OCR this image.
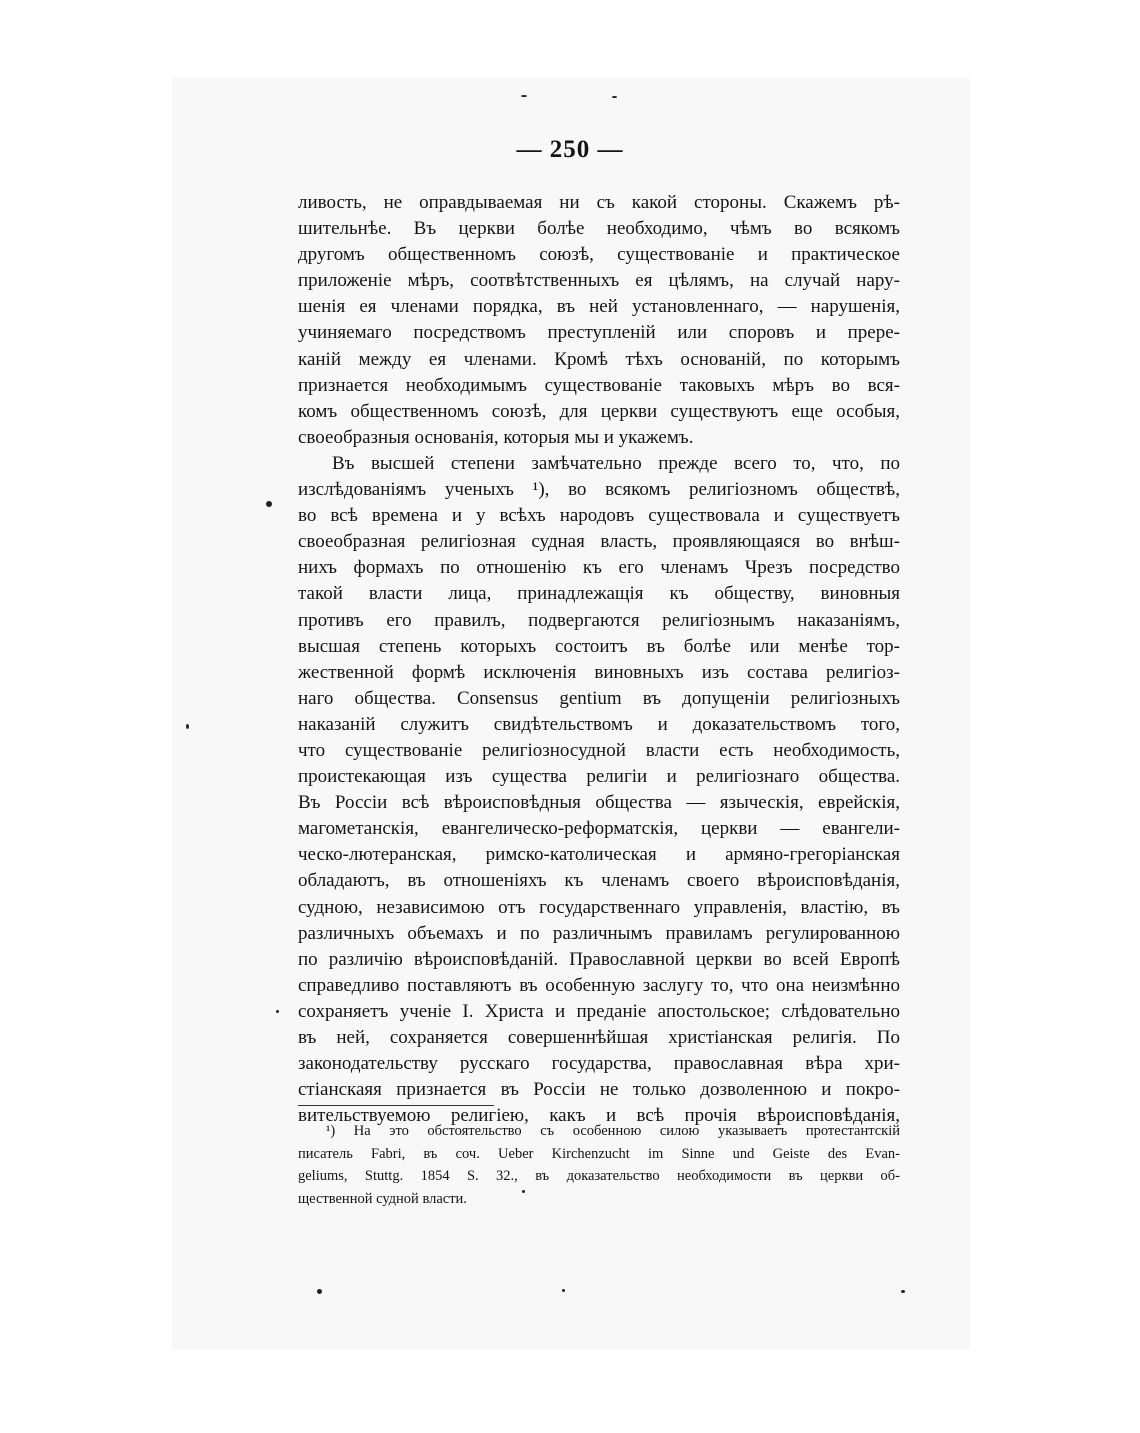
— 250 —
ливость, не оправдываемая ни съ какой стороны. Скажемъ рѣ-
шительнѣе. Въ церкви болѣе необходимо, чѣмъ во всякомъ
другомъ общественномъ союзѣ, существованіе и практическое
приложеніе мѣръ, соотвѣтственныхъ ея цѣлямъ, на случай нару-
шенія ея членами порядка, въ ней установленнаго, — нарушенія,
учиняемаго посредствомъ преступленій или споровъ и прере-
каній между ея членами. Кромѣ тѣхъ основаній, по которымъ
признается необходимымъ существованіе таковыхъ мѣръ во вся-
комъ общественномъ союзѣ, для церкви существуютъ еще особыя,
своеобразныя основанія, которыя мы и укажемъ.
Въ высшей степени замѣчательно прежде всего то, что, по
изслѣдованіямъ ученыхъ ¹), во всякомъ религіозномъ обществѣ,
во всѣ времена и у всѣхъ народовъ существовала и существуетъ
своеобразная религіозная судная власть, проявляющаяся во внѣш-
нихъ формахъ по отношенію къ его членамъ Чрезъ посредство
такой власти лица, принадлежащія къ обществу, виновныя
противъ его правилъ, подвергаются религіознымъ наказаніямъ,
высшая степень которыхъ состоитъ въ болѣе или менѣе тор-
жественной формѣ исключенія виновныхъ изъ состава религіоз-
наго общества. Consensus gentium въ допущеніи религіозныхъ
наказаній служитъ свидѣтельствомъ и доказательствомъ того,
что существованіе религіозносудной власти есть необходимость,
проистекающая изъ существа религіи и религіознаго общества.
Въ Россіи всѣ вѣроисповѣдныя общества — языческія, еврейскія,
магометанскія, евангелическо-реформатскія, церкви — евангели-
ческо-лютеранская, римско-католическая и армяно-грегоріанская
обладаютъ, въ отношеніяхъ къ членамъ своего вѣроисповѣданія,
судною, независимою отъ государственнаго управленія, властію, въ
различныхъ объемахъ и по различнымъ правиламъ регулированною
по различію вѣроисповѣданій. Православной церкви во всей Европѣ
справедливо поставляютъ въ особенную заслугу то, что она неизмѣнно
сохраняетъ ученіе І. Христа и преданіе апостольское; слѣдовательно
въ ней, сохраняется совершеннѣйшая христіанская религія. По
законодательству русскаго государства, православная вѣра хри-
стіанскаяя признается въ Россіи не только дозволенною и покро-
вительствуемою религіею, какъ и всѣ прочія вѣроисповѣданія,
¹) На это обстоятельство съ особенною силою указываетъ протестантскій
писатель Fabri, въ соч. Ueber Kirchenzucht im Sinne und Geiste des Evan-
geliums, Stuttg. 1854 S. 32., въ доказательство необходимости въ церкви об-
щественной судной власти.
